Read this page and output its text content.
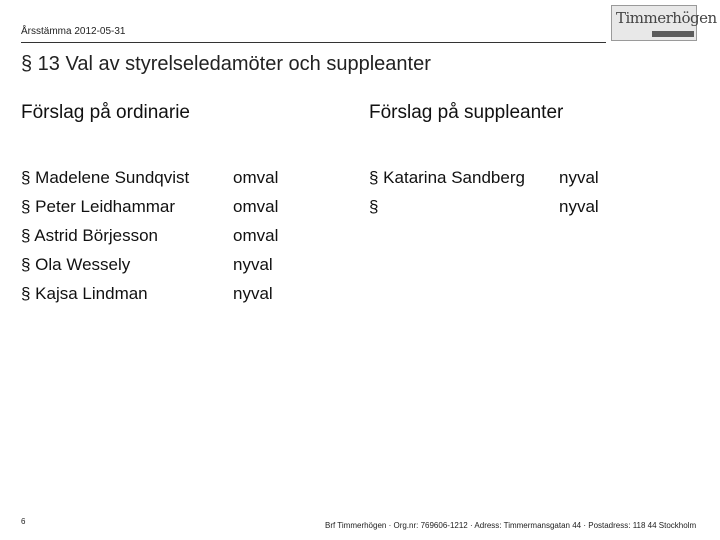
Årsstämma 2012-05-31
Timmerhögen
§ 13 Val av styrelseledamöter och suppleanter
Förslag på ordinarie
§ Madelene Sundqvist	omval
§ Peter Leidhammar	omval
§ Astrid Börjesson	omval
§ Ola Wessely	nyval
§ Kajsa Lindman	nyval
Förslag på suppleanter
§ Katarina Sandberg nyval
§	nyval
6	Brf Timmerhögen · Org.nr: 769606-1212 · Adress: Timmermansgatan 44 · Postadress: 118 44 Stockholm
